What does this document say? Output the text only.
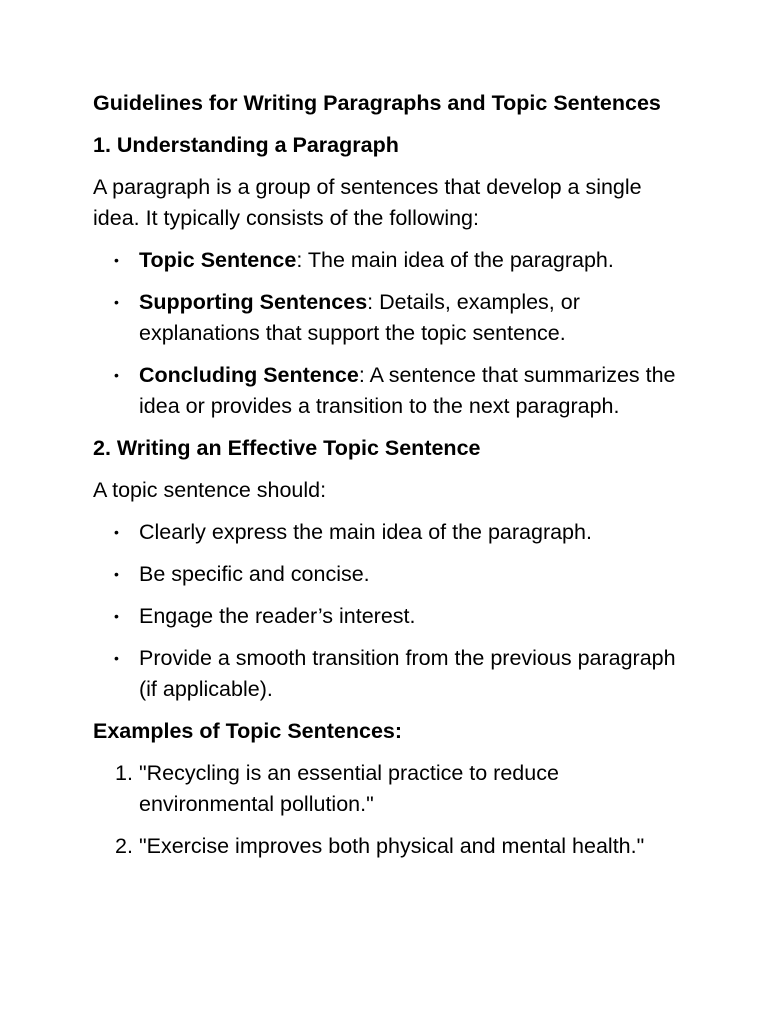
Guidelines for Writing Paragraphs and Topic Sentences
1. Understanding a Paragraph
A paragraph is a group of sentences that develop a single idea. It typically consists of the following:
• Topic Sentence: The main idea of the paragraph.
• Supporting Sentences: Details, examples, or explanations that support the topic sentence.
• Concluding Sentence: A sentence that summarizes the idea or provides a transition to the next paragraph.
2. Writing an Effective Topic Sentence
A topic sentence should:
• Clearly express the main idea of the paragraph.
• Be specific and concise.
• Engage the reader’s interest.
• Provide a smooth transition from the previous paragraph (if applicable).
Examples of Topic Sentences:
1. "Recycling is an essential practice to reduce environmental pollution."
2. "Exercise improves both physical and mental health."
